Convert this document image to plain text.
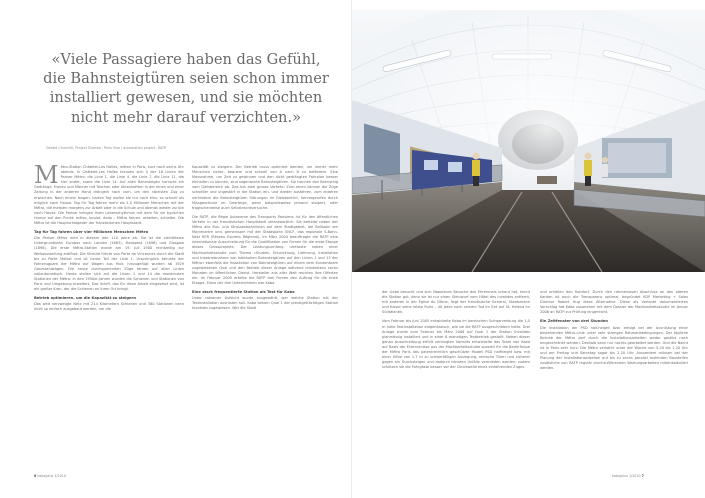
«Viele Passagiere haben das Gefühl, die Bahnsteigtüren seien schon immer installiert gewesen, und sie möchten nicht mehr darauf verzichten.»

Gérald Churchill, Project Director, Paris Vise / automation project, RATP

Métro-Station Châtelet-Les Halles, mitten in Paris, kurz nach sechs Uhr abends. In Châtelet-Les Halles kreuzen sich 5 der 16 Linien der Pariser Métro: die Linie 1, die Linie 4, die Linie 7, die Linie 11, die hier endet, sowie die Linie 14. Auf allen Bahnsteigen herrscht ein Gedränge. Frauen und Männer mit Taschen oder Aktenkoffern in der einen und einer Zeitung in der anderen Hand drängeln nach vorn, um den nächsten Zug zu erwischen. Nach einem langen, harten Tag wollen sie nur noch eins: so schnell als möglich nach Hause. Tag für Tag fahren mehr als 4,5 Millionen Menschen mit der Métro, die meisten morgens zur Arbeit oder in die Schule und abends wieder zurück nach Hause. Die Pariser bringen ihren Lebensrhythmus mit dem für sie typischen Humor auf den Punkt: métro, boulot, dodo – Métro fahren, arbeiten, schlafen. Die Métro ist die Hauptschlagader der französischen Hauptstadt.

Tag für Tag fahren über vier Millionen Menschen Métro

Die Pariser Métro wird in diesem Jahr 110 Jahre alt. Sie ist die viertälteste Untergrundbahn Europas nach London (1863), Budapest (1896) und Glasgow (1896). Die erste Métro-Station wurde am 19. Juli 1900 rechtzeitig zur Weltausstellung eröffnet. Die Strecke führte von Porte de Vincennes durch die Stadt bis zu Porte Maillot und ist heute Teil der Linie 1. Ursprünglich beruhte der Fahrzeugpark der Métro auf Wagen aus Holz, hinzugefügt wurden ab 1929 Ganzstahlwagen. Die heute durchquerenden Züge fahren auf allen Linien vollautomatisch. Heute stellen sich auf die Linien 1 und 14 die modernsten Stationen der Métro: In den 1950er-Jahren wurden die Schienen und Stationen von Paris und Umgebung erweitert. Das Schiff, das für diese Arbeit eingesetzt wird, ist ein großer Kran, der die Schienen an ihren Ort bringt.

Betrieb optimieren, um die Kapazität zu steigern

Das weit verzweigte Netz mit 214 Kilometern Schienen und 380 Stationen kann nicht so einfach ausgebaut werden, um die

Kapazität zu steigern. Der Betrieb muss optimiert werden, um immer mehr Menschen sicher, bequem und schnell von A nach B zu befördern. Eine Massnahme, um Zeit zu gewinnen und den dicht gedrängten Fahrplan besser einhalten zu können, sind sogenannte Bahnsteigtüren. Sie trennen den Bahnsteig vom Gleisbereich ab. Das hat zwei grosse Vorteile: Zum einen können die Züge schneller und ungestört in die Station ein- und wieder ausfahren, zum anderen verhindern die Bahnsteigtüren Störungen im Gleisbereich, hervorgerufen durch Missgeschicke im Gedränge, wenn beispielsweise jemand stolpert, oder tragischerweise auch Selbstmordversuche.

Die RATP, die Régie Autonome des Transports Parisiens, ist für den öffentlichen Verkehr in der französischen Hauptstadt verantwortlich. Sie betreibt neben der Métro alle Bus- und Strassenbahnlinien auf dem Stadtgebiet, die Seilbahn am Montmartre und, gemeinsam mit der Staatsbahn SNCF, das regionale S-Bahn-Netz RER (Réseau Express Régional). Im März 2004 beauftragte die RATP eine internationale Ausschreibung für die Qualifikation von Firmen für die erste Etappe dieses Grossprojekts. Der Leistungsumfang umfasste neben einer Machbarkeitsstudie zum Thema «Studien, Entwicklung, Lieferung, Installation und Inbetriebnahme von halbhohen Bahnsteigtüren auf den Linien 1 und 13 der Métro» ebenfalls die Installation von Bahnsteigtüren auf einem dem Kundenteam zugewiesenen Quai und den Betrieb dieser Anlage während mindestens sechs Monaten im öffentlichen Dienst. Hersteller aus aller Welt reichten ihre Offerten ein. Im Februar 2005 erteilte die RATP drei Firmen den Auftrag für die erste Etappe. Eines der drei Unternehmen war Kaba.

Eine stark frequentierte Station als Test für Kaba

Unter ratsamer Aufsicht wurde ausgewählt, wer welche Station mit der Testinstallation ausrüsten soll. Kaba bekam Quai 1 der prestigeträchtigen Station Invalides zugewiesen. Wer die Stadt

6 kaba|plus 1/2010

der Liebe besucht und sich Napoleons Besuche des Ehrenmals schaut hat, kennt die Station gut, denn sie ist nur einen Steinwurf vom Hôtel des Invalides entfernt, mit anderen in der Église du Dôme, liegt der französische General, Staatsmann und Kaiser seine letzte Ruhe – 40 Jahre nach seinem Tod im Exil auf St. Helena im Südatlantik.

Vom Februar bis Juni 2005 entwickelte Kaba im bernischen Schwarzenburg die 1,5 m hohe Testinstallation eidgenössisch, wie sie die RATP ausgeschrieben hatte. Drei Anlage wurde vom Februar bis März 2006 auf Quai 1 der Station Invalides planmässig installiert und in einer 6-monatigen Testbetrieb gestellt. Neben dieser genau Ausschreibung erfüllt verlangten Variants entwickelte das Team von Kaba auf Basis der Erkenntnisse aus der Machbarkeitsstudie speziell für die Bedürfnisse der Métro Paris das patentrechtlich geschützte Modell PSD halfheight bzw. mit einer Höhe von 1,7 m zu schwerfälligen Auslegung, einfache Türen und sicherer gegen ein Durchsteigen und dadurch könnten Unfälle vermieden werden; zudem schützen sie die Fahrgäste besser vor der Druckwelle eines einfahrenden Zuges.

und erhöhen den Komfort. Durch den rahmenlosen Abschluss an den oberen Kanten ist auch die Transparenz optimal, begründet KDP Marketing + Sales Director Robert Hug diese Alternative. Diese als Variante dokumentierten Vorschlag hat Kaba zusammen mit dem Dossier der Machbarkeitsstudie im Januar 2006 an RATP zur Prüfung eingereicht.

Ein Zeitfenster von drei Stunden

Die Installation der PSD half-height bzw. erfolgt bei der Ausrüstung einer bestehenden Métro-Linie unter sehr strengen Rahmenbedingungen. Der tägliche Betrieb der Métro darf durch die Installationsarbeiten weder gestört noch eingeschränkt werden. Deshalb kann nur nachts gearbeitet werden. Und die Nacht ist in Paris sehr kurz: Die Métro verkehrt unter der Woche von 5.20 bis 1.20 Uhr und am Freitag und Samstag sogar bis 2.20 Uhr. Ausserdem müssen bei der Planung der Installationsarbeiten auf bis zu sechs parallel laufenden Baustellen zusätzliche von RATP regulär durchzuführenden Wartungsarbeiten miteinkalkuliert werden.

kaba|plus 1/2010 7
